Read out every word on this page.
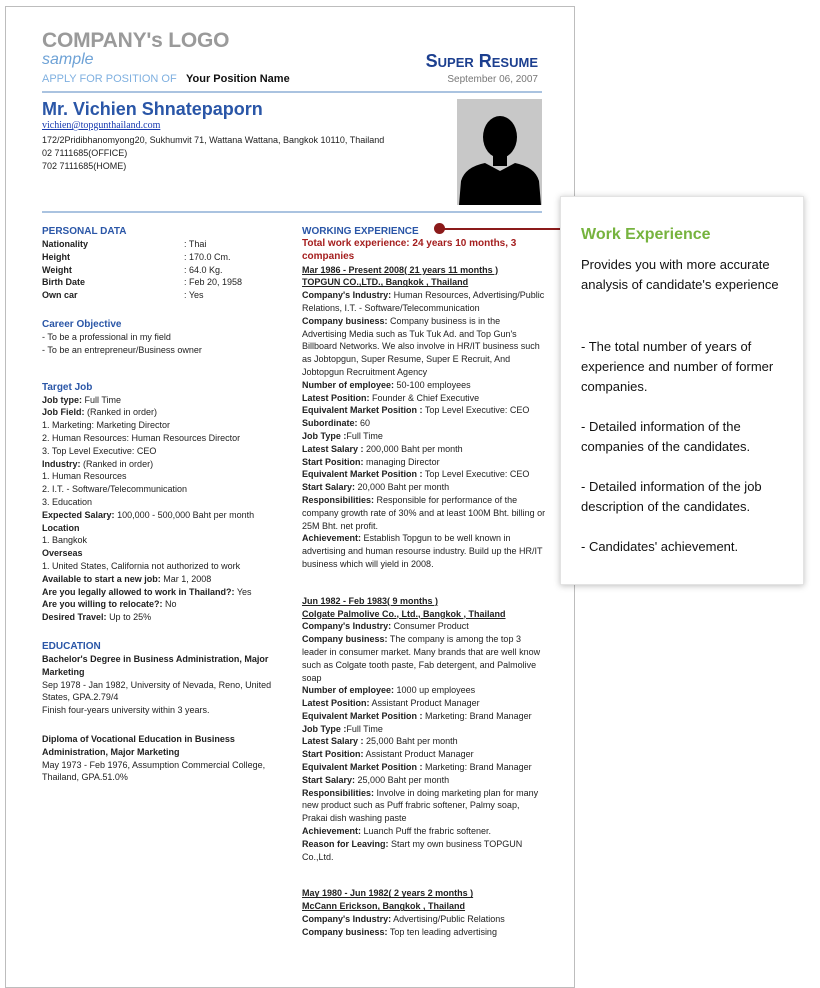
COMPANY's LOGO
sample
APPLY FOR POSITION OF Your Position Name
Super Resume
September 06, 2007
Mr. Vichien Shnatepaporn
vichien@topgunthailand.com
172/2Pridibhanomyong20, Sukhumvit 71, Wattana Wattana, Bangkok 10110, Thailand
02 7111685(OFFICE)
702 7111685(HOME)
PERSONAL DATA
Nationality	: Thai
Height	: 170.0 Cm.
Weight	: 64.0 Kg.
Birth Date	: Feb 20, 1958
Own car	: Yes
Career Objective
- To be a professional in my field
- To be an entrepreneur/Business owner
Target Job
Job type: Full Time
Job Field: (Ranked in order)
1. Marketing: Marketing Director
2. Human Resources: Human Resources Director
3. Top Level Executive: CEO
Industry: (Ranked in order)
1. Human Resources
2. I.T. - Software/Telecommunication
3. Education
Expected Salary: 100,000 - 500,000 Baht per month
Location
1. Bangkok
Overseas
1. United States, California not authorized to work
Available to start a new job: Mar 1, 2008
Are you legally allowed to work in Thailand?: Yes
Are you willing to relocate?: No
Desired Travel: Up to 25%
EDUCATION
Bachelor's Degree in Business Administration, Major Marketing
Sep 1978 - Jan 1982, University of Nevada, Reno, United States, GPA.2.79/4
Finish four-years university within 3 years.
Diploma of Vocational Education in Business Administration, Major Marketing
May 1973 - Feb 1976, Assumption Commercial College, Thailand, GPA.51.0%
WORKING EXPERIENCE
Total work experience: 24 years 10 months, 3 companies
Mar 1986 - Present 2008( 21 years 11 months )
TOPGUN CO.,LTD., Bangkok , Thailand
Company's Industry: Human Resources, Advertising/Public Relations, I.T. - Software/Telecommunication
Company business: Company business is in the Advertising Media such as Tuk Tuk Ad. and Top Gun's Billboard Networks. We also involve in HR/IT business such as Jobtopgun, Super Resume, Super E Recruit, And Jobtopgun Recruitment Agency
Number of employee: 50-100 employees
Latest Position: Founder & Chief Executive
Equivalent Market Position : Top Level Executive: CEO
Subordinate: 60
Job Type :Full Time
Latest Salary : 200,000 Baht per month
Start Position: managing Director
Equivalent Market Position : Top Level Executive: CEO
Start Salary: 20,000 Baht per month
Responsibilities: Responsible for performance of the company growth rate of 30% and at least 100M Bht. billing or 25M Bht. net profit.
Achievement: Establish Topgun to be well known in advertising and human resourse industry. Build up the HR/IT business which will yield in 2008.
Jun 1982 - Feb 1983( 9 months )
Colgate Palmolive Co., Ltd., Bangkok , Thailand
Company's Industry: Consumer Product
Company business: The company is among the top 3 leader in consumer market. Many brands that are well know such as Colgate tooth paste, Fab detergent, and Palmolive soap
Number of employee: 1000 up employees
Latest Position: Assistant Product Manager
Equivalent Market Position : Marketing: Brand Manager
Job Type :Full Time
Latest Salary : 25,000 Baht per month
Start Position: Assistant Product Manager
Equivalent Market Position : Marketing: Brand Manager
Start Salary: 25,000 Baht per month
Responsibilities: Involve in doing marketing plan for many new product such as Puff frabric softener, Palmy soap, Prakai dish washing paste
Achievement: Luanch Puff the frabric softener.
Reason for Leaving: Start my own business TOPGUN Co.,Ltd.
May 1980 - Jun 1982( 2 years 2 months )
McCann Erickson, Bangkok , Thailand
Company's Industry: Advertising/Public Relations
Company business: Top ten leading advertising
Work Experience
Provides you with more accurate analysis of candidate's experience
- The total number of years of experience and number of former companies.
- Detailed information of the companies of the candidates.
- Detailed information of the job description of the candidates.
- Candidates' achievement.
